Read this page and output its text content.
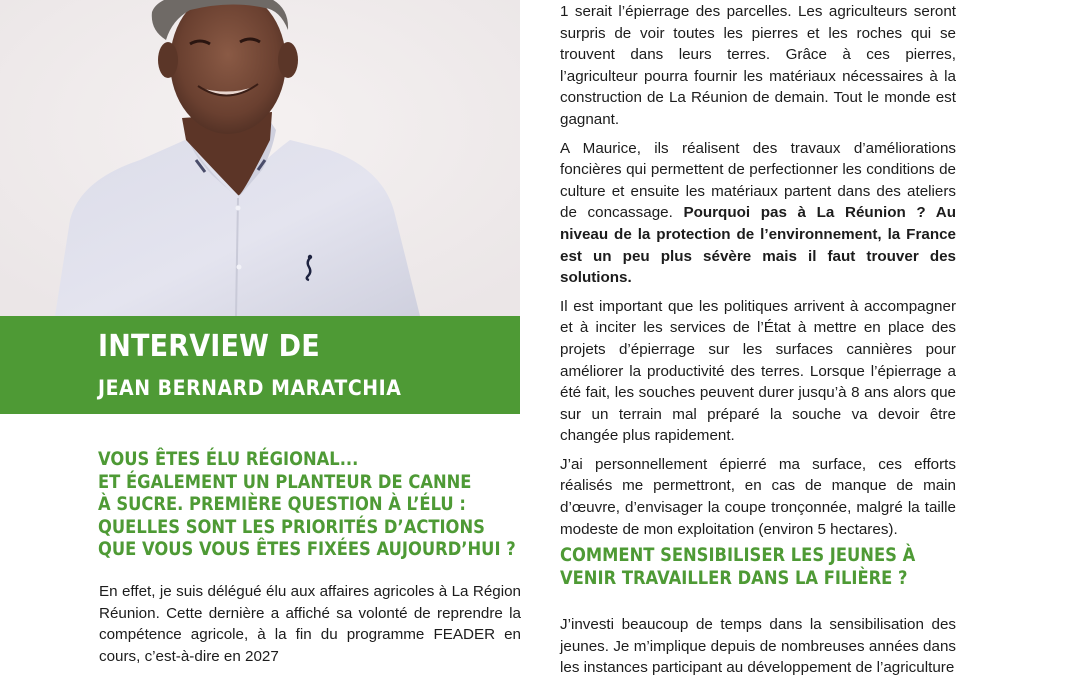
INTERVIEW DE
JEAN BERNARD MARATCHIA
VOUS ÊTES ÉLU RÉGIONAL...
ET ÉGALEMENT UN PLANTEUR DE CANNE
À SUCRE. PREMIÈRE QUESTION À L’ÉLU :
QUELLES SONT LES PRIORITÉS D’ACTIONS
QUE VOUS VOUS ÊTES FIXÉES AUJOURD’HUI ?
En effet, je suis délégué élu aux affaires agricoles à La Région Réunion. Cette dernière a affiché sa volonté de reprendre la compétence agricole, à la fin du programme FEADER en cours, c’est-à-dire en 2027

1 serait l’épierrage des parcelles. Les agriculteurs seront surpris de voir toutes les pierres et les roches qui se trouvent dans leurs terres. Grâce à ces pierres, l’agriculteur pourra fournir les matériaux nécessaires à la construction de La Réunion de demain. Tout le monde est gagnant.

A Maurice, ils réalisent des travaux d’améliorations foncières qui permettent de perfectionner les conditions de culture et ensuite les matériaux partent dans des ateliers de concassage. Pourquoi pas à La Réunion ? Au niveau de la protection de l’environnement, la France est un peu plus sévère mais il faut trouver des solutions.

Il est important que les politiques arrivent à accompagner et à inciter les services de l’État à mettre en place des projets d’épierrage sur les surfaces cannières pour améliorer la productivité des terres. Lorsque l’épierrage a été fait, les souches peuvent durer jusqu’à 8 ans alors que sur un terrain mal préparé la souche va devoir être changée plus rapidement.

J’ai personnellement épierré ma surface, ces efforts réalisés me permettront, en cas de manque de main d’œuvre, d’envisager la coupe tronçonnée, malgré la taille modeste de mon exploitation (environ 5 hectares).

COMMENT SENSIBILISER LES JEUNES À
VENIR TRAVAILLER DANS LA FILIÈRE ?
J’investi beaucoup de temps dans la sensibilisation des jeunes. Je m’implique depuis de nombreuses années dans les instances participant au développement de l’agriculture
